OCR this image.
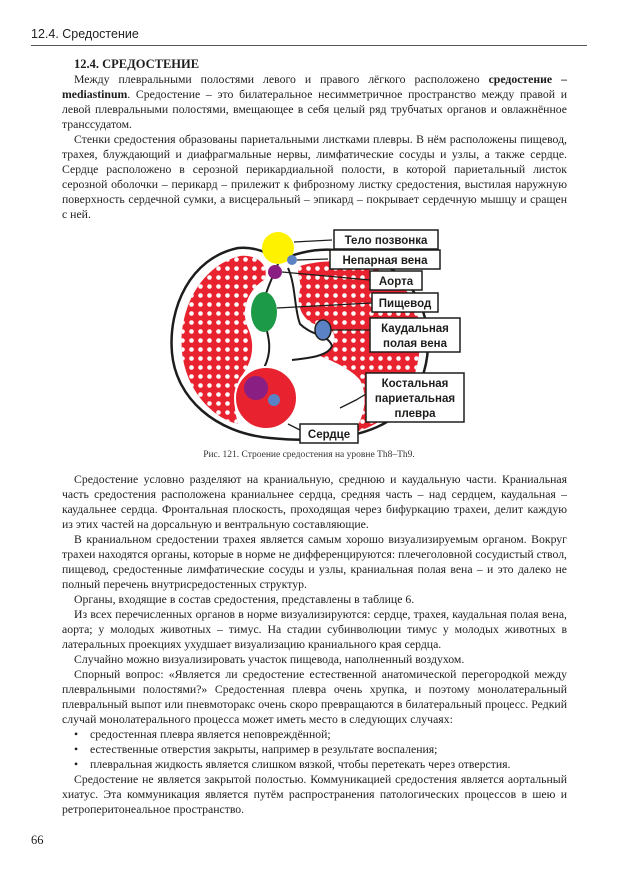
12.4. Средостение
12.4. СРЕДОСТЕНИЕ

Между плевральными полостями левого и правого лёгкого расположено средостение – mediastinum. Средостение – это билатеральное несимметричное пространство между правой и левой плевральными полостями, вмещающее в себя целый ряд трубчатых органов и овлажнённое транссудатом.

Стенки средостения образованы париетальными листками плевры. В нём расположены пищевод, трахея, блуждающий и диафрагмальные нервы, лимфатические сосуды и узлы, а также сердце. Сердце расположено в серозной перикардиальной полости, в которой париетальный листок серозной оболочки – перикард – прилежит к фиброзному листку средостения, выстилая наружную поверхность сердечной сумки, а висцеральный – эпикард – покрывает сердечную мышцу и сращен с ней.

Тело позвонка
Непарная вена
Аорта
Пищевод
Каудальная
полая вена
Костальная
париетальная
плевра
Сердце
Рис. 121. Строение средостения на уровне Th8–Th9.

Средостение условно разделяют на краниальную, среднюю и каудальную части. Краниальная часть средостения расположена краниальнее сердца, средняя часть – над сердцем, каудальная – каудальнее сердца. Фронтальная плоскость, проходящая через бифуркацию трахеи, делит каждую из этих частей на дорсальную и вентральную составляющие.

В краниальном средостении трахея является самым хорошо визуализируемым органом. Вокруг трахеи находятся органы, которые в норме не дифференцируются: плечеголовной сосудистый ствол, пищевод, средостенные лимфатические сосуды и узлы, краниальная полая вена – и это далеко не полный перечень внутрисредостенных структур.

Органы, входящие в состав средостения, представлены в таблице 6.

Из всех перечисленных органов в норме визуализируются: сердце, трахея, каудальная полая вена, аорта; у молодых животных – тимус. На стадии субинволюции тимус у молодых животных в латеральных проекциях ухудшает визуализацию краниального края сердца.

Случайно можно визуализировать участок пищевода, наполненный воздухом.

Спорный вопрос: «Является ли средостение естественной анатомической перегородкой между плевральными полостями?» Средостенная плевра очень хрупка, и поэтому монолатеральный плевральный выпот или пневмоторакс очень скоро превращаются в билатеральный процесс. Редкий случай монолатерального процесса может иметь место в следующих случаях:

• средостенная плевра является неповреждённой;
• естественные отверстия закрыты, например в результате воспаления;
• плевральная жидкость является слишком вязкой, чтобы перетекать через отверстия.

Средостение не является закрытой полостью. Коммуникацией средостения является аортальный хиатус. Эта коммуникация является путём распространения патологических процессов в шею и ретроперитонеальное пространство.

66
